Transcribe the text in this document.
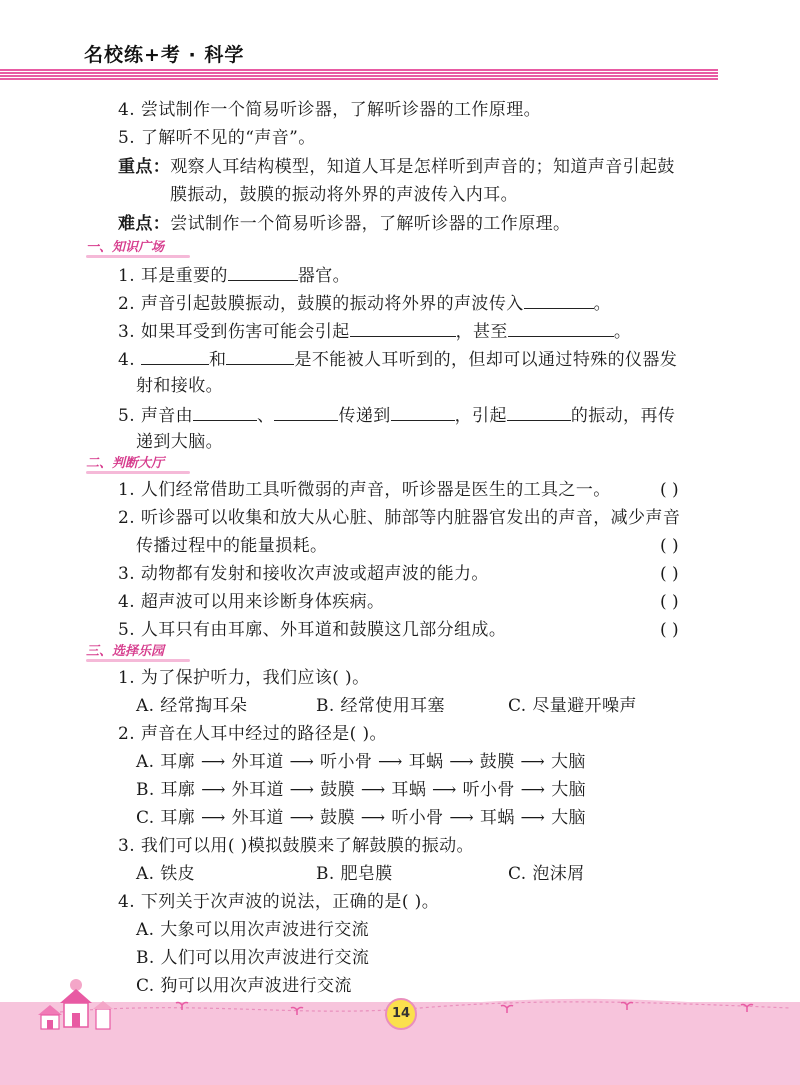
名校练+考 · 科学
4. 尝试制作一个简易听诊器，了解听诊器的工作原理。
5. 了解听不见的“声音”。
重点：观察人耳结构模型，知道人耳是怎样听到声音的；知道声音引起鼓
膜振动，鼓膜的振动将外界的声波传入内耳。
难点：尝试制作一个简易听诊器，了解听诊器的工作原理。
一、知识广场
1. 耳是重要的	器官。
2. 声音引起鼓膜振动，鼓膜的振动将外界的声波传入	。
3. 如果耳受到伤害可能会引起	，甚至	。
4.	和	是不能被人耳听到的，但却可以通过特殊的仪器发
射和接收。
5. 声音由	、	传递到	，引起	的振动，再传
递到大脑。
二、判断大厅
1. 人们经常借助工具听微弱的声音，听诊器是医生的工具之一。	( )
2. 听诊器可以收集和放大从心脏、肺部等内脏器官发出的声音，减少声音
传播过程中的能量损耗。	( )
3. 动物都有发射和接收次声波或超声波的能力。	( )
4. 超声波可以用来诊断身体疾病。	( )
5. 人耳只有由耳廓、外耳道和鼓膜这几部分组成。	( )
三、选择乐园
1. 为了保护听力，我们应该( )。
A. 经常掏耳朵	B. 经常使用耳塞	C. 尽量避开噪声
2. 声音在人耳中经过的路径是( )。
A. 耳廓 ⟶ 外耳道 ⟶ 听小骨 ⟶ 耳蜗 ⟶ 鼓膜 ⟶ 大脑
B. 耳廓 ⟶ 外耳道 ⟶ 鼓膜 ⟶ 耳蜗 ⟶ 听小骨 ⟶ 大脑
C. 耳廓 ⟶ 外耳道 ⟶ 鼓膜 ⟶ 听小骨 ⟶ 耳蜗 ⟶ 大脑
3. 我们可以用( )模拟鼓膜来了解鼓膜的振动。
A. 铁皮	B. 肥皂膜	C. 泡沫屑
4. 下列关于次声波的说法，正确的是( )。
A. 大象可以用次声波进行交流
B. 人们可以用次声波进行交流
C. 狗可以用次声波进行交流
14
